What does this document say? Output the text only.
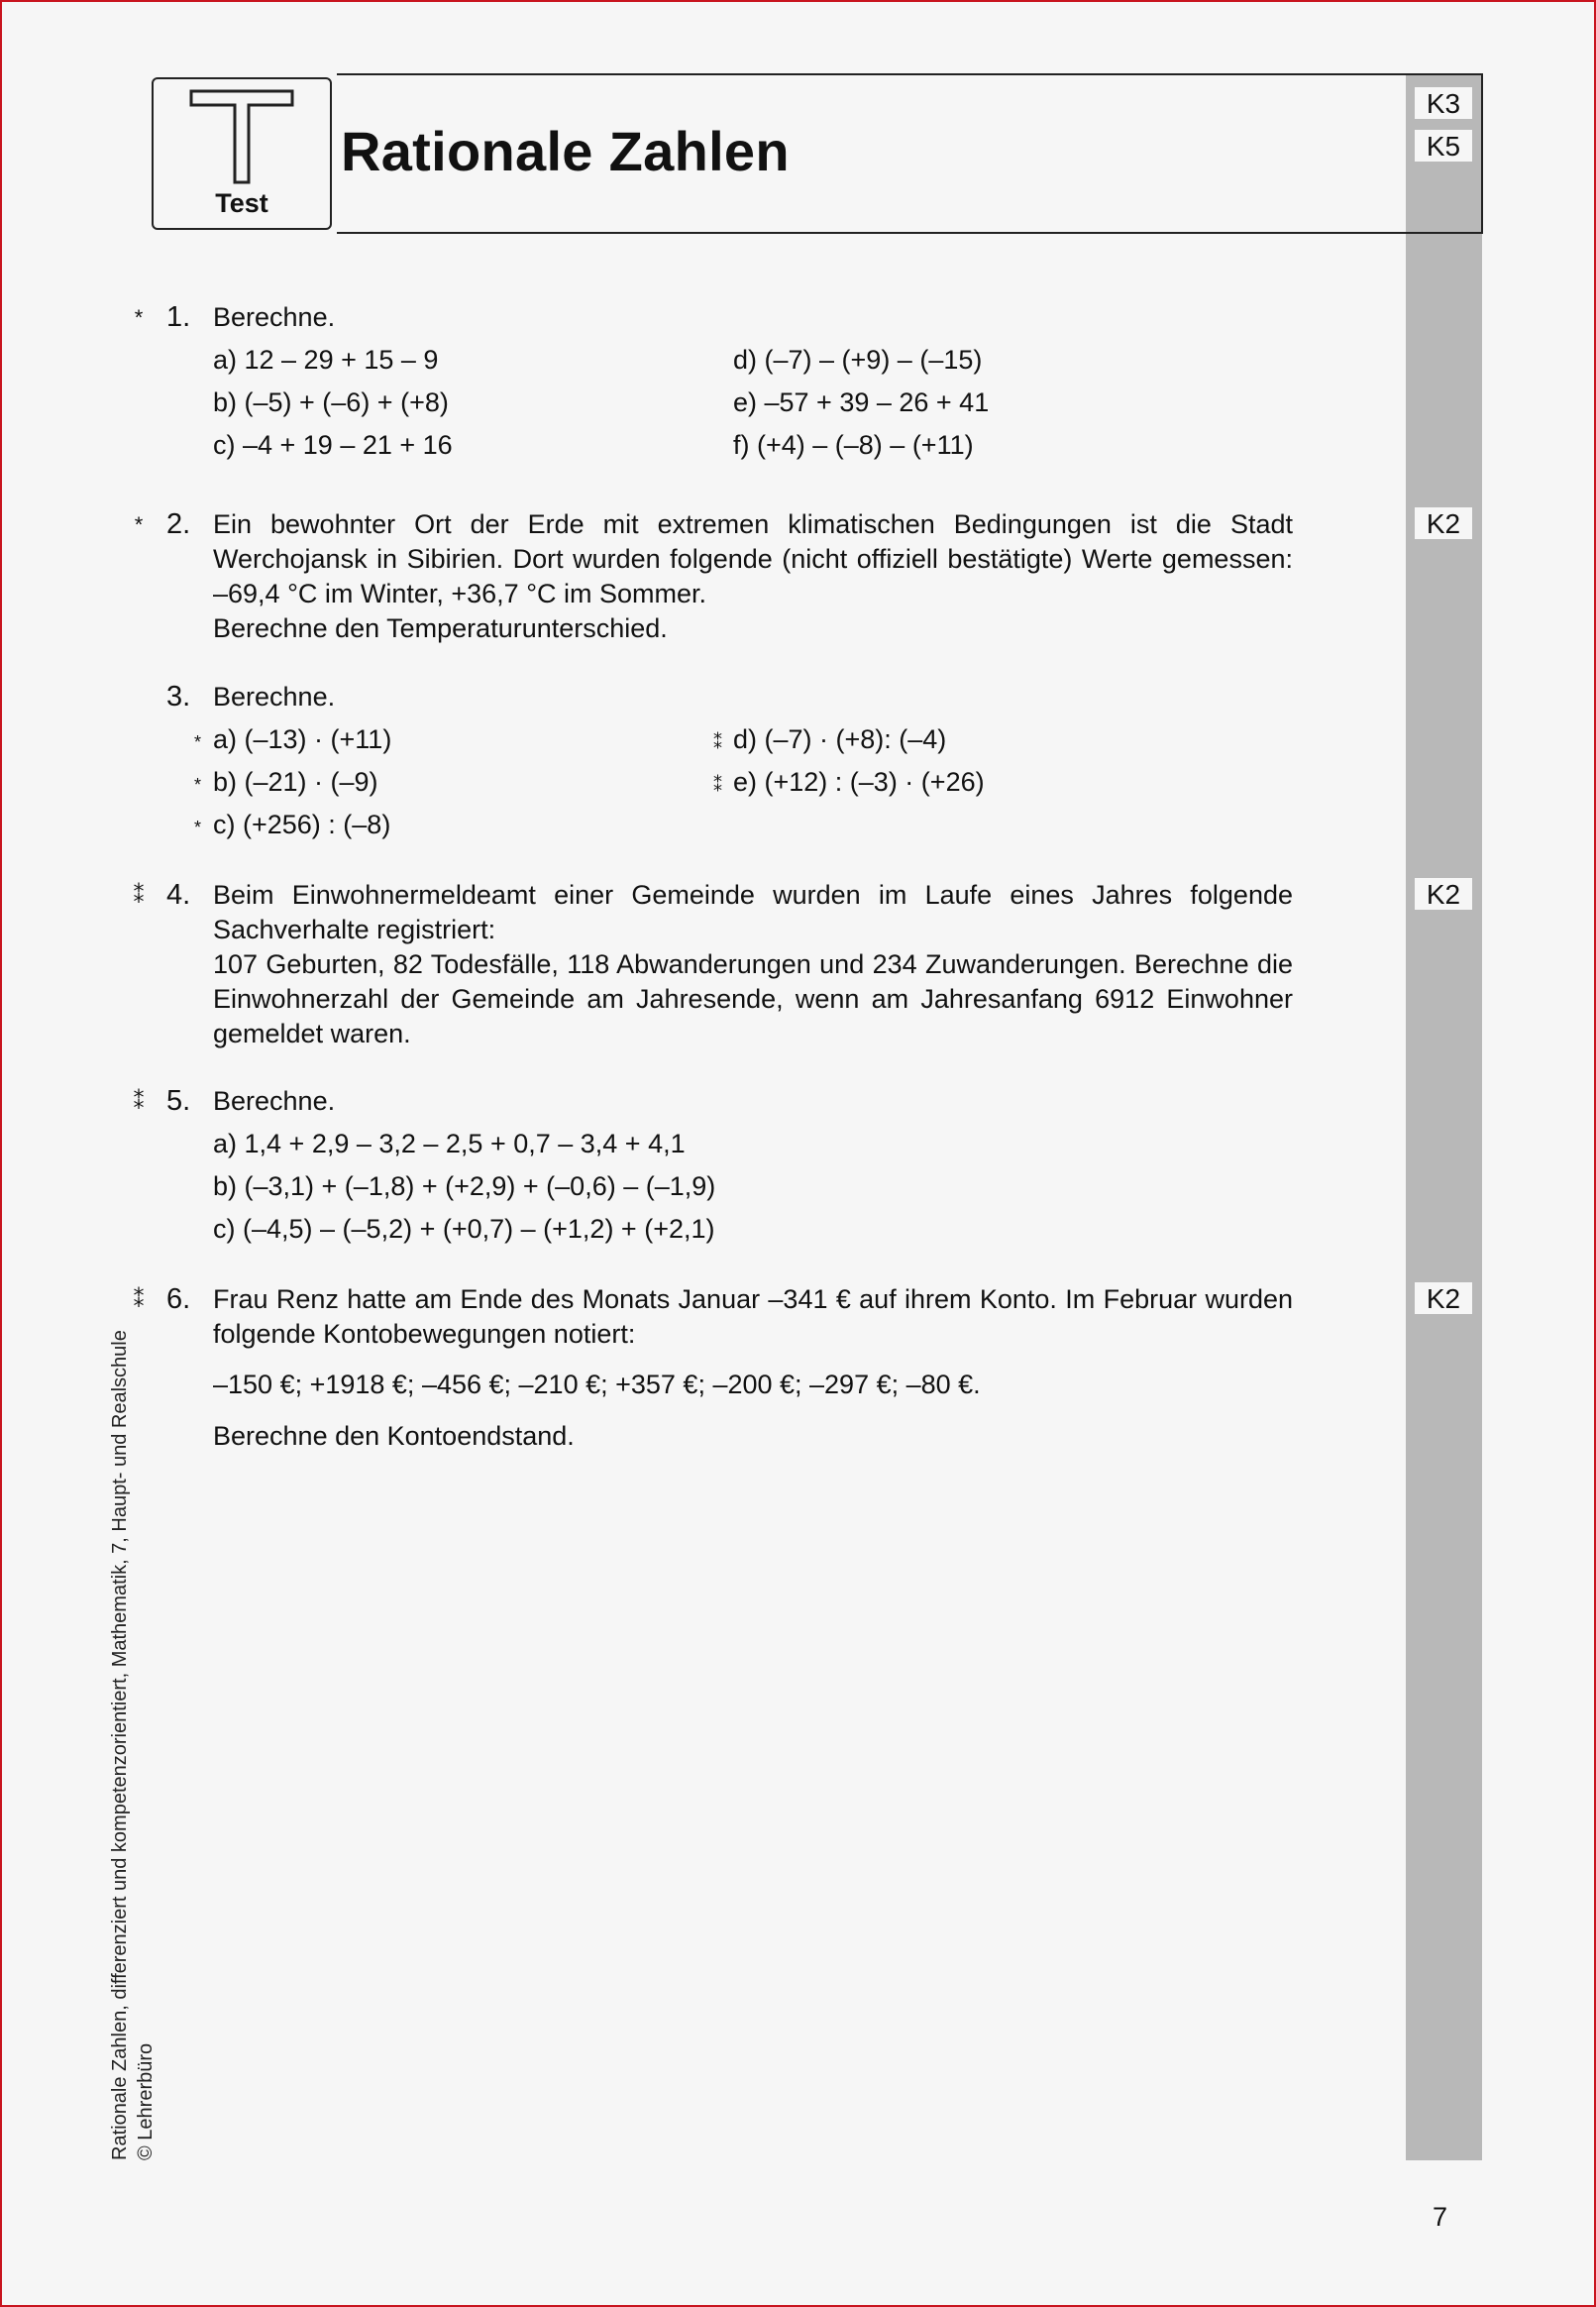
Test
Rationale Zahlen
K3
K5
* 1. Berechne.
a) 12 – 29 + 15 – 9	d) (–7) – (+9) – (–15)
b) (–5) + (–6) + (+8)	e) –57 + 39 – 26 + 41
c) –4 + 19 – 21 + 16	f) (+4) – (–8) – (+11)
* 2. Ein bewohnter Ort der Erde mit extremen klimatischen Bedingungen ist die Stadt Werchojansk in Sibirien. Dort wurden folgende (nicht offiziell bestätigte) Werte gemessen: –69,4 °C im Winter, +36,7 °C im Sommer.
Berechne den Temperaturunterschied.
K2
3. Berechne.
* a) (–13) · (+11)	⁑ d) (–7) · (+8): (–4)
* b) (–21) · (–9)	⁑ e) (+12) : (–3) · (+26)
* c) (+256) : (–8)
⁑ 4. Beim Einwohnermeldeamt einer Gemeinde wurden im Laufe eines Jahres folgende Sachverhalte registriert:
107 Geburten, 82 Todesfälle, 118 Abwanderungen und 234 Zuwanderungen. Berechne die Einwohnerzahl der Gemeinde am Jahresende, wenn am Jahresanfang 6912 Einwohner gemeldet waren.
K2
⁑ 5. Berechne.
a) 1,4 + 2,9 – 3,2 – 2,5 + 0,7 – 3,4 + 4,1
b) (–3,1) + (–1,8) + (+2,9) + (–0,6) – (–1,9)
c) (–4,5) – (–5,2) + (+0,7) – (+1,2) + (+2,1)
⁑ 6. Frau Renz hatte am Ende des Monats Januar –341 € auf ihrem Konto. Im Februar wurden folgende Kontobewegungen notiert:
–150 €; +1918 €; –456 €; –210 €; +357 €; –200 €; –297 €; –80 €.
Berechne den Kontoendstand.
K2
Rationale Zahlen, differenziert und kompetenzorientiert, Mathematik, 7, Haupt- und Realschule © Lehrerbüro
7
